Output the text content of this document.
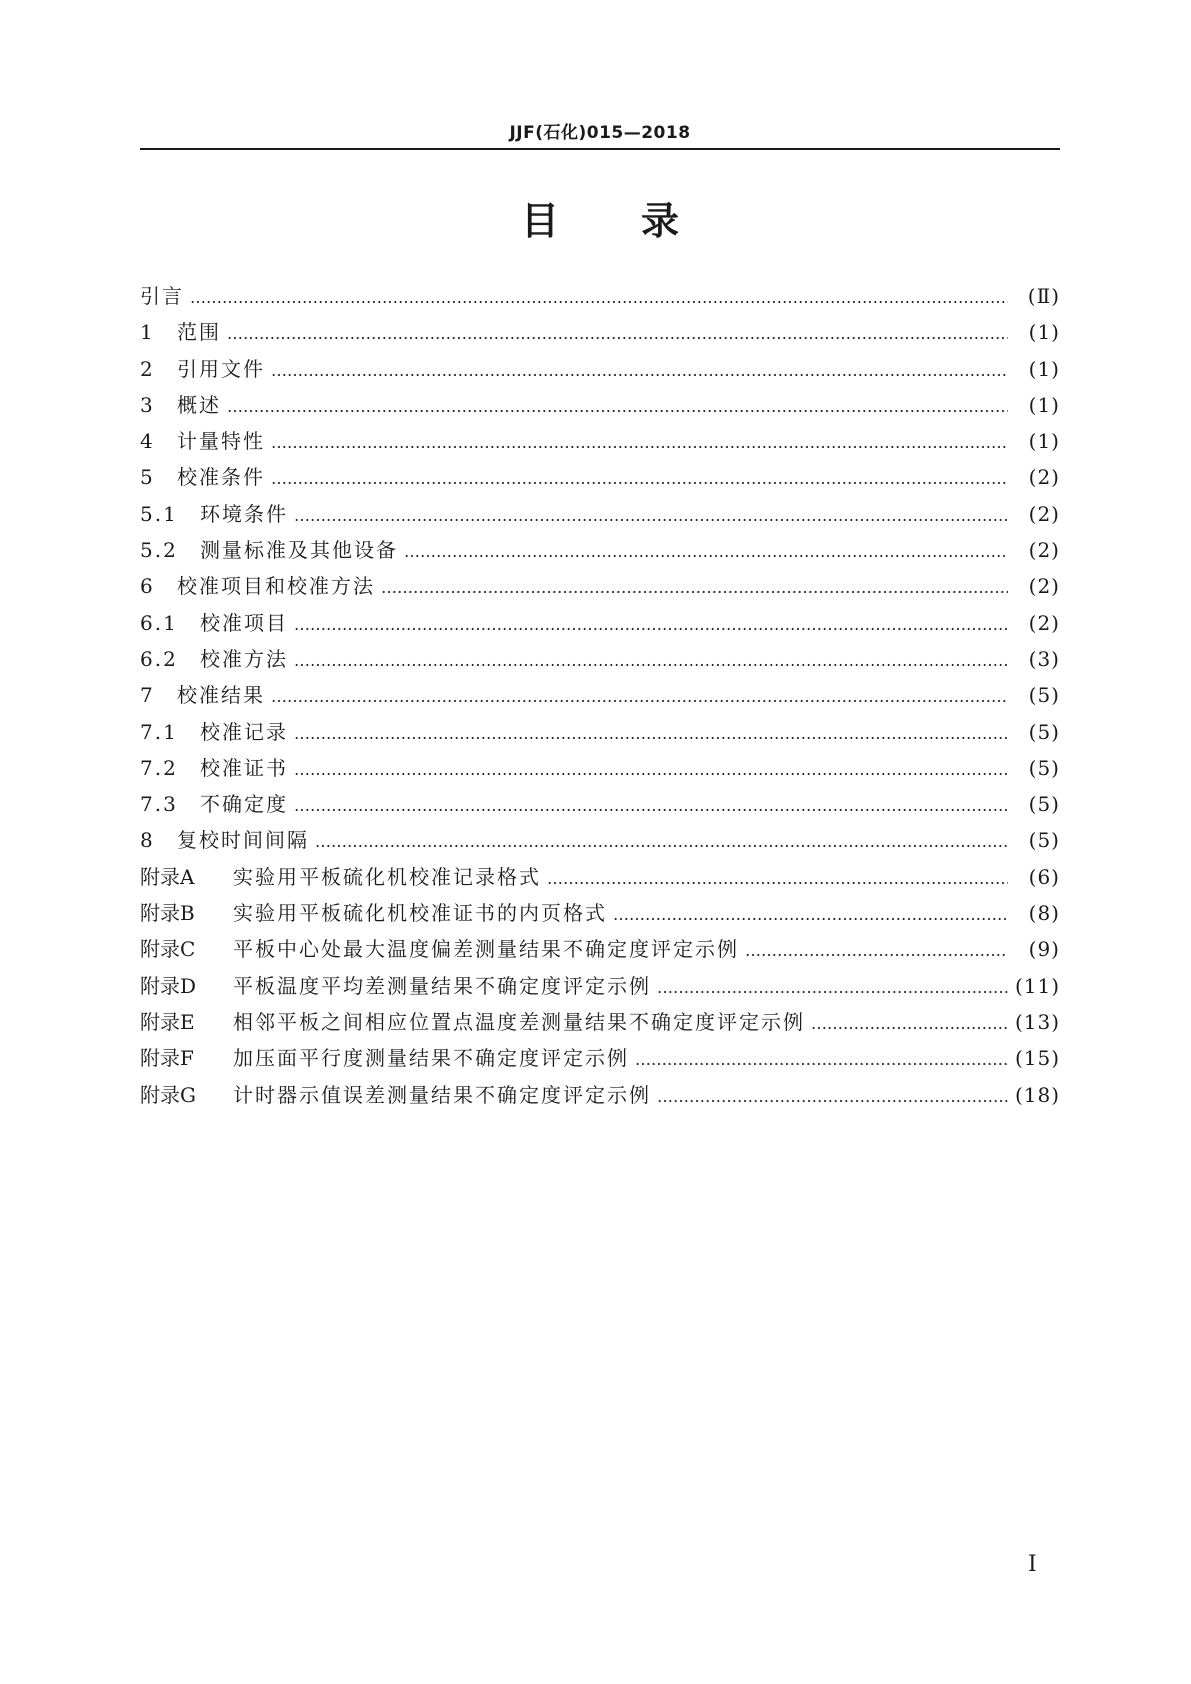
JJF(石化)015—2018
目录
引言 ……………………………………………………………………………………………………………………………………………………………………………………………………………………	(Ⅱ)
1	范围 ……………………………………………………………………………………………………………………………………………………………………………………………………………………	(1)
2	引用文件 ……………………………………………………………………………………………………………………………………………………………………………………………………………………	(1)
3	概述 ……………………………………………………………………………………………………………………………………………………………………………………………………………………	(1)
4	计量特性 ……………………………………………………………………………………………………………………………………………………………………………………………………………………	(1)
5	校准条件 ……………………………………………………………………………………………………………………………………………………………………………………………………………………	(2)
5.1	环境条件 ……………………………………………………………………………………………………………………………………………………………………………………………………………………	(2)
5.2	测量标准及其他设备 ……………………………………………………………………………………………………………………………………………………………………………………………………………………	(2)
6	校准项目和校准方法 ……………………………………………………………………………………………………………………………………………………………………………………………………………………	(2)
6.1	校准项目 ……………………………………………………………………………………………………………………………………………………………………………………………………………………	(2)
6.2	校准方法 ……………………………………………………………………………………………………………………………………………………………………………………………………………………	(3)
7	校准结果 ……………………………………………………………………………………………………………………………………………………………………………………………………………………	(5)
7.1	校准记录 ……………………………………………………………………………………………………………………………………………………………………………………………………………………	(5)
7.2	校准证书 ……………………………………………………………………………………………………………………………………………………………………………………………………………………	(5)
7.3	不确定度 ……………………………………………………………………………………………………………………………………………………………………………………………………………………	(5)
8	复校时间间隔 ……………………………………………………………………………………………………………………………………………………………………………………………………………………	(5)
附录A	实验用平板硫化机校准记录格式 ……………………………………………………………………………………………………………………………………………………………………………………………………………………	(6)
附录B	实验用平板硫化机校准证书的内页格式 ……………………………………………………………………………………………………………………………………………………………………………………………………………………	(8)
附录C	平板中心处最大温度偏差测量结果不确定度评定示例 ……………………………………………………………………………………………………………………………………………………………………………………………………………………	(9)
附录D	平板温度平均差测量结果不确定度评定示例 ……………………………………………………………………………………………………………………………………………………………………………………………………………………	(11)
附录E	相邻平板之间相应位置点温度差测量结果不确定度评定示例 ……………………………………………………………………………………………………………………………………………………………………………………………………………………	(13)
附录F	加压面平行度测量结果不确定度评定示例 ……………………………………………………………………………………………………………………………………………………………………………………………………………………	(15)
附录G	计时器示值误差测量结果不确定度评定示例 ……………………………………………………………………………………………………………………………………………………………………………………………………………………	(18)
Ⅰ
